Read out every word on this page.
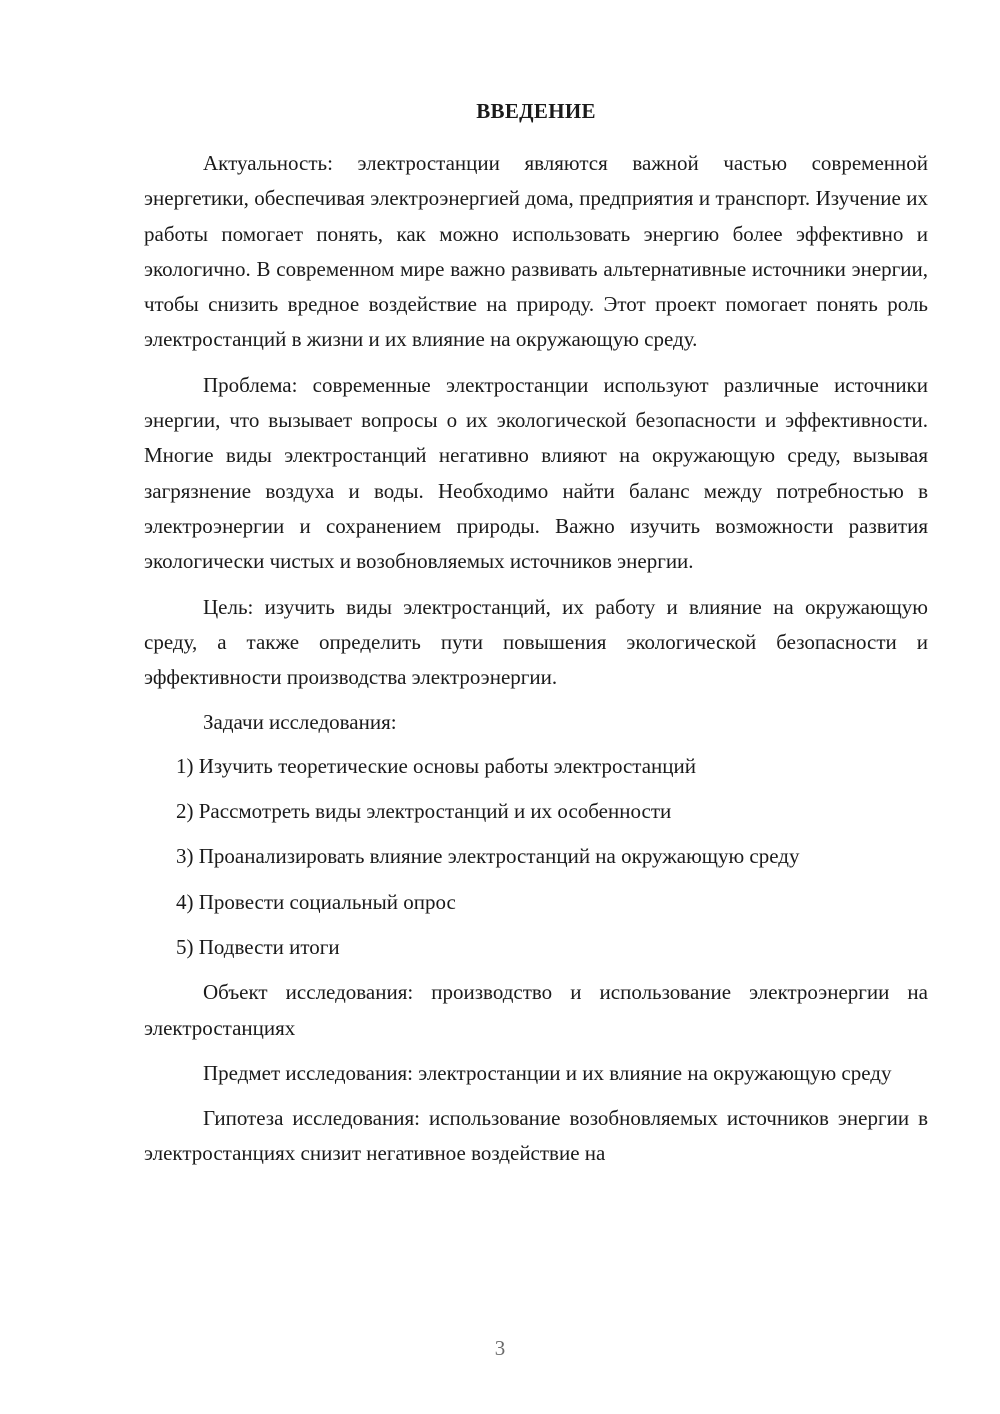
ВВЕДЕНИЕ

Актуальность: электростанции являются важной частью современной энергетики, обеспечивая электроэнергией дома, предприятия и транспорт. Изучение их работы помогает понять, как можно использовать энергию более эффективно и экологично. В современном мире важно развивать альтернативные источники энергии, чтобы снизить вредное воздействие на природу. Этот проект помогает понять роль электростанций в жизни и их влияние на окружающую среду.

Проблема: современные электростанции используют различные источники энергии, что вызывает вопросы о их экологической безопасности и эффективности. Многие виды электростанций негативно влияют на окружающую среду, вызывая загрязнение воздуха и воды. Необходимо найти баланс между потребностью в электроэнергии и сохранением природы. Важно изучить возможности развития экологически чистых и возобновляемых источников энергии.

Цель: изучить виды электростанций, их работу и влияние на окружающую среду, а также определить пути повышения экологической безопасности и эффективности производства электроэнергии.

Задачи исследования:

1) Изучить теоретические основы работы электростанций
2) Рассмотреть виды электростанций и их особенности
3) Проанализировать влияние электростанций на окружающую среду
4) Провести социальный опрос
5) Подвести итоги

Объект исследования: производство и использование электроэнергии на электростанциях

Предмет исследования: электростанции и их влияние на окружающую среду

Гипотеза исследования: использование возобновляемых источников энергии в электростанциях снизит негативное воздействие на

3
